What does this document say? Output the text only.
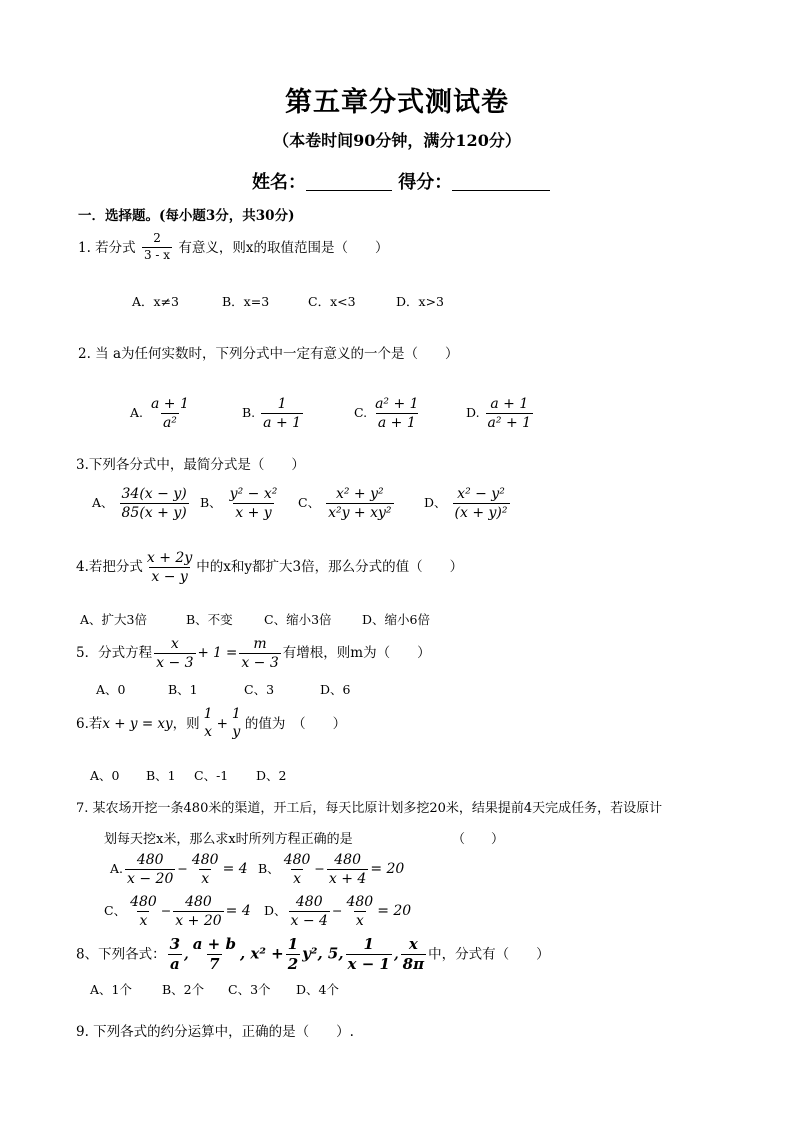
第五章分式测试卷
（本卷时间90分钟，满分120分）
姓名：	得分：
一．选择题。(每小题3分，共30分)
1. 若分式 $\frac{2}{3 - x}$ 有意义，则x的取值范围是（　　）
A．x≠3	B．x=3	C．x<3	D．x>3
2. 当 a为任何实数时，下列分式中一定有意义的一个是（　　）
A. $\frac{a + 1}{\text{a²}}$	B. $\frac{1}{a + 1}$	C. $\frac{\text{a² + 1}}{a + 1}$	D. $\frac{a + 1}{\text{a² + 1}}$
3.下列各分式中，最简分式是（　　）
A、 $\frac{34(x - y)}{85(x + y)}$ B、 $\frac{\text{y² − x²}}{x + y}$ C、 $\frac{\text{x² + y²}}{\text{x²y + xy²}}$ D、 $\frac{\text{x² − y²}}{\text{(x + y)²}}$
4.若把分式 $\frac{x + 2y}{x - y}$ 中的x和y都扩大3倍，那么分式的值（　　）
A、扩大3倍	B、不变	C、缩小3倍 D、缩小6倍
5．分式方程 $\frac{x}{x - 3} + 1 = \frac{m}{x - 3}$ 有增根，则m为（　　）
A、0	B、1	C、3	D、6
6.若x + y = xy，则
1
x
+
1
y
的值为　（　　）
A、0 B、1 C、-1 D、2
7. 某农场开挖一条480米的渠道，开工后，每天比原计划多挖20米，结果提前4天完成任务，若设原计
划每天挖x米，那么求x时所列方程正确的是	（　　）
A. $\frac{480}{x - 20} - \frac{480}{x} = 4$ B、 $\frac{480}{x} - \frac{480}{x + 4} = 20$
C、 $\frac{480}{x} - \frac{480}{x + 20} = 4$ D、 $\frac{480}{x - 4} - \frac{480}{x} = 20$
8、下列各式： $\frac{3}{a}$ , $\frac{a + b}{7}$ , $x^2 + \frac{1}{2} y^2$, 5, $\frac{1}{x - 1}$ , $\frac{x}{8\pi}$ 中，分式有（　　）
A、1个 B、2个 C、3个 D、4个
9. 下列各式的约分运算中，正确的是（　　）.
